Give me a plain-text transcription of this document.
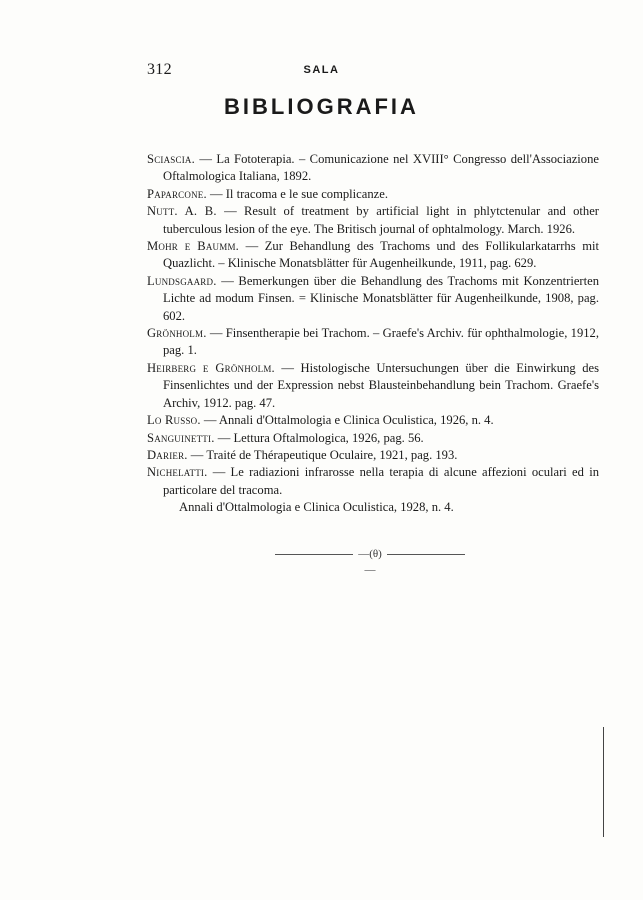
312	SALA
BIBLIOGRAFIA
Sciascia. — La Fototerapia. – Comunicazione nel XVIII° Congresso dell'Associazione Oftalmologica Italiana, 1892.
Paparcone. — Il tracoma e le sue complicanze.
Nutt. A. B. — Result of treatment by artificial light in phlytctenular and other tuberculous lesion of the eye. The Britisch journal of ophtalmology. March. 1926.
Mohr e Baumm. — Zur Behandlung des Trachoms und des Follikularkatarrhs mit Quazlicht. – Klinische Monatsblätter für Augenheilkunde, 1911, pag. 629.
Lundsgaard. — Bemerkungen über die Behandlung des Trachoms mit Konzentrierten Lichte ad modum Finsen. = Klinische Monatsblätter für Augenheilkunde, 1908, pag. 602.
Grönholm. — Finsentherapie bei Trachom. – Graefe's Archiv. für ophthalmologie, 1912, pag. 1.
Heirberg e Grönholm. — Histologische Untersuchungen über die Einwirkung des Finsenlichtes und der Expression nebst Blausteinbehandlung bein Trachom. Graefe's Archiv, 1912. pag. 47.
Lo Russo. — Annali d'Ottalmologia e Clinica Oculistica, 1926, n. 4.
Sanguinetti. — Lettura Oftalmologica, 1926, pag. 56.
Darier. — Traité de Thérapeutique Oculaire, 1921, pag. 193.
Nichelatti. — Le radiazioni infrarosse nella terapia di alcune affezioni oculari ed in particolare del tracoma.
Annali d'Ottalmologia e Clinica Oculistica, 1928, n. 4.
—(θ)—
